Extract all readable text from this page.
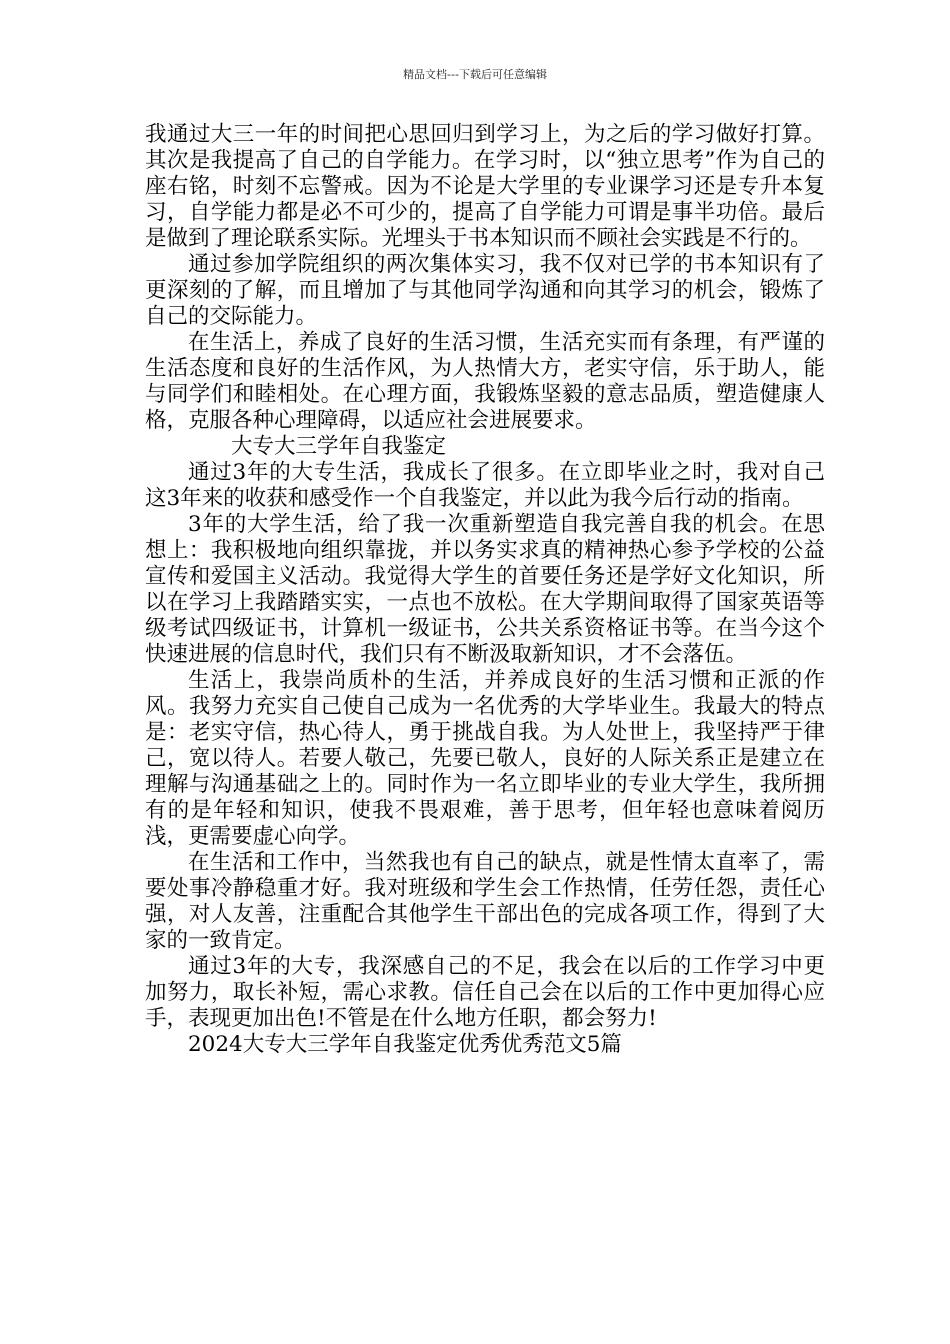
精品文档---下载后可任意编辑

我通过大三一年的时间把心思回归到学习上，为之后的学习做好打算。其次是我提高了自己的自学能力。在学习时，以“独立思考”作为自己的座右铭，时刻不忘警戒。因为不论是大学里的专业课学习还是专升本复习，自学能力都是必不可少的，提高了自学能力可谓是事半功倍。最后是做到了理论联系实际。光埋头于书本知识而不顾社会实践是不行的。

通过参加学院组织的两次集体实习，我不仅对已学的书本知识有了更深刻的了解，而且增加了与其他同学沟通和向其学习的机会，锻炼了自己的交际能力。

在生活上，养成了良好的生活习惯，生活充实而有条理，有严谨的生活态度和良好的生活作风，为人热情大方，老实守信，乐于助人，能与同学们和睦相处。在心理方面，我锻炼坚毅的意志品质，塑造健康人格，克服各种心理障碍，以适应社会进展要求。

大专大三学年自我鉴定

通过3年的大专生活，我成长了很多。在立即毕业之时，我对自己这3年来的收获和感受作一个自我鉴定，并以此为我今后行动的指南。

3年的大学生活，给了我一次重新塑造自我完善自我的机会。在思想上：我积极地向组织靠拢，并以务实求真的精神热心参予学校的公益宣传和爱国主义活动。我觉得大学生的首要任务还是学好文化知识，所以在学习上我踏踏实实，一点也不放松。在大学期间取得了国家英语等级考试四级证书，计算机一级证书，公共关系资格证书等。在当今这个快速进展的信息时代，我们只有不断汲取新知识，才不会落伍。

生活上，我崇尚质朴的生活，并养成良好的生活习惯和正派的作风。我努力充实自己使自己成为一名优秀的大学毕业生。我最大的特点是：老实守信，热心待人，勇于挑战自我。为人处世上，我坚持严于律己，宽以待人。若要人敬己，先要已敬人，良好的人际关系正是建立在理解与沟通基础之上的。同时作为一名立即毕业的专业大学生，我所拥有的是年轻和知识，使我不畏艰难，善于思考，但年轻也意味着阅历浅，更需要虚心向学。

在生活和工作中，当然我也有自己的缺点，就是性情太直率了，需要处事冷静稳重才好。我对班级和学生会工作热情，任劳任怨，责任心强，对人友善，注重配合其他学生干部出色的完成各项工作，得到了大家的一致肯定。

通过3年的大专，我深感自己的不足，我会在以后的工作学习中更加努力，取长补短，需心求教。信任自己会在以后的工作中更加得心应手，表现更加出色!不管是在什么地方任职，都会努力!

2024大专大三学年自我鉴定优秀优秀范文5篇
